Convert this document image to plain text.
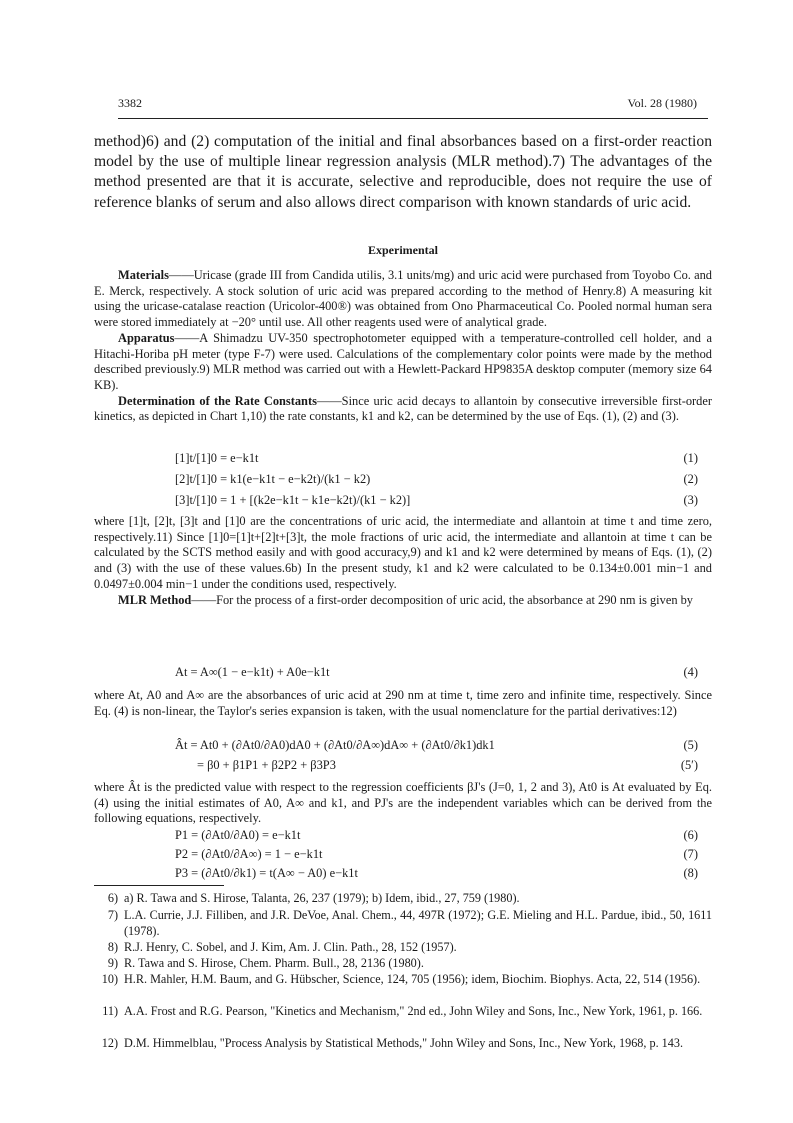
3382	Vol. 28 (1980)
method)6) and (2) computation of the initial and final absorbances based on a first-order reaction model by the use of multiple linear regression analysis (MLR method).7) The advantages of the method presented are that it is accurate, selective and reproducible, does not require the use of reference blanks of serum and also allows direct comparison with known standards of uric acid.
Experimental

Materials——Uricase (grade III from Candida utilis, 3.1 units/mg) and uric acid were purchased from Toyobo Co. and E. Merck, respectively. A stock solution of uric acid was prepared according to the method of Henry.8) A measuring kit using the uricase-catalase reaction (Uricolor-400®) was obtained from Ono Pharmaceutical Co. Pooled normal human sera were stored immediately at −20° until use. All other reagents used were of analytical grade.

Apparatus——A Shimadzu UV-350 spectrophotometer equipped with a temperature-controlled cell holder, and a Hitachi-Horiba pH meter (type F-7) were used. Calculations of the complementary color points were made by the method described previously.9) MLR method was carried out with a Hewlett-Packard HP9835A desktop computer (memory size 64 KB).

Determination of the Rate Constants——Since uric acid decays to allantoin by consecutive irreversible first-order kinetics, as depicted in Chart 1,10) the rate constants, k1 and k2, can be determined by the use of Eqs. (1), (2) and (3).

[1]t/[1]0 = e−k1t	(1)
[2]t/[1]0 = k1(e−k1t − e−k2t)/(k1 − k2)	(2)
[3]t/[1]0 = 1 + [(k2e−k1t − k1e−k2t)/(k1 − k2)]	(3)

where [1]t, [2]t, [3]t and [1]0 are the concentrations of uric acid, the intermediate and allantoin at time t and time zero, respectively.11) Since [1]0=[1]t+[2]t+[3]t, the mole fractions of uric acid, the intermediate and allantoin at time t can be calculated by the SCTS method easily and with good accuracy,9) and k1 and k2 were determined by means of Eqs. (1), (2) and (3) with the use of these values.6b) In the present study, k1 and k2 were calculated to be 0.134±0.001 min−1 and 0.0497±0.004 min−1 under the conditions used, respectively.

MLR Method——For the process of a first-order decomposition of uric acid, the absorbance at 290 nm is given by

At = A∞(1 − e−k1t) + A0e−k1t	(4)

where At, A0 and A∞ are the absorbances of uric acid at 290 nm at time t, time zero and infinite time, respectively. Since Eq. (4) is non-linear, the Taylor's series expansion is taken, with the usual nomenclature for the partial derivatives:12)

Ât = At0 + (∂At0/∂A0)dA0 + (∂At0/∂A∞)dA∞ + (∂At0/∂k1)dk1	(5)
= β0 + β1P1 + β2P2 + β3P3	(5′)

where Ât is the predicted value with respect to the regression coefficients βJ's (J=0, 1, 2 and 3), At0 is At evaluated by Eq. (4) using the initial estimates of A0, A∞ and k1, and PJ's are the independent variables which can be derived from the following equations, respectively.

P1 = (∂At0/∂A0) = e−k1t	(6)
P2 = (∂At0/∂A∞) = 1 − e−k1t	(7)
P3 = (∂At0/∂k1) = t(A∞ − A0) e−k1t	(8)
6) a) R. Tawa and S. Hirose, Talanta, 26, 237 (1979); b) Idem, ibid., 27, 759 (1980).
7) L.A. Currie, J.J. Filliben, and J.R. DeVoe, Anal. Chem., 44, 497R (1972); G.E. Mieling and H.L. Pardue, ibid., 50, 1611 (1978).
8) R.J. Henry, C. Sobel, and J. Kim, Am. J. Clin. Path., 28, 152 (1957).
9) R. Tawa and S. Hirose, Chem. Pharm. Bull., 28, 2136 (1980).
10) H.R. Mahler, H.M. Baum, and G. Hübscher, Science, 124, 705 (1956); idem, Biochim. Biophys. Acta, 22, 514 (1956).
11) A.A. Frost and R.G. Pearson, "Kinetics and Mechanism," 2nd ed., John Wiley and Sons, Inc., New York, 1961, p. 166.
12) D.M. Himmelblau, "Process Analysis by Statistical Methods," John Wiley and Sons, Inc., New York, 1968, p. 143.
